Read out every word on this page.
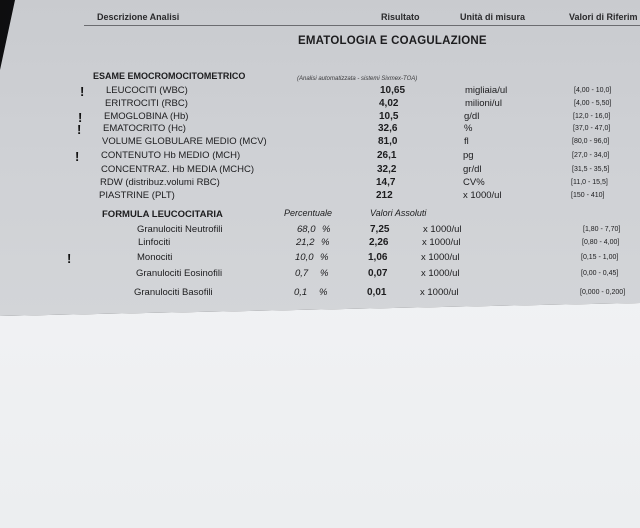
Descrizione Analisi	Risultato	Unità di misura	Valori di Riferim
EMATOLOGIA E COAGULAZIONE
ESAME EMOCROMOCITOMETRICO	(Analisi automatizzata - sistemi Sixmex-TOA)
LEUCOCITI (WBC)	10,65	migliaia/ul	[4,00 - 10,0]
!
ERITROCITI (RBC)	4,02	milioni/ul	[4,00 - 5,50]
EMOGLOBINA (Hb)	10,5	g/dl	[12,0 - 16,0]
!
EMATOCRITO (Hc)	32,6	%	[37,0 - 47,0]
!
VOLUME GLOBULARE MEDIO (MCV)	81,0	fl	[80,0 - 96,0]
CONTENUTO Hb MEDIO (MCH)	26,1	pg	[27,0 - 34,0]
!
CONCENTRAZ. Hb MEDIA (MCHC)	32,2	gr/dl	[31,5 - 35,5]
RDW (distribuz.volumi RBC)	14,7	CV%	[11,0 - 15,5]
PIASTRINE (PLT)	212	x 1000/ul	[150 - 410]
FORMULA LEUCOCITARIA	Percentuale	Valori Assoluti
Granulociti Neutrofili	68,0 %	7,25	x 1000/ul	[1,80 - 7,70]
Linfociti	21,2 %	2,26	x 1000/ul	[0,80 - 4,00]
Monociti	10,0 %	1,06	x 1000/ul	[0,15 - 1,00]
!
Granulociti Eosinofili	0,7 %	0,07	x 1000/ul	[0,00 - 0,45]
Granulociti Basofili	0,1 %	0,01	x 1000/ul	[0,000 - 0,200]
